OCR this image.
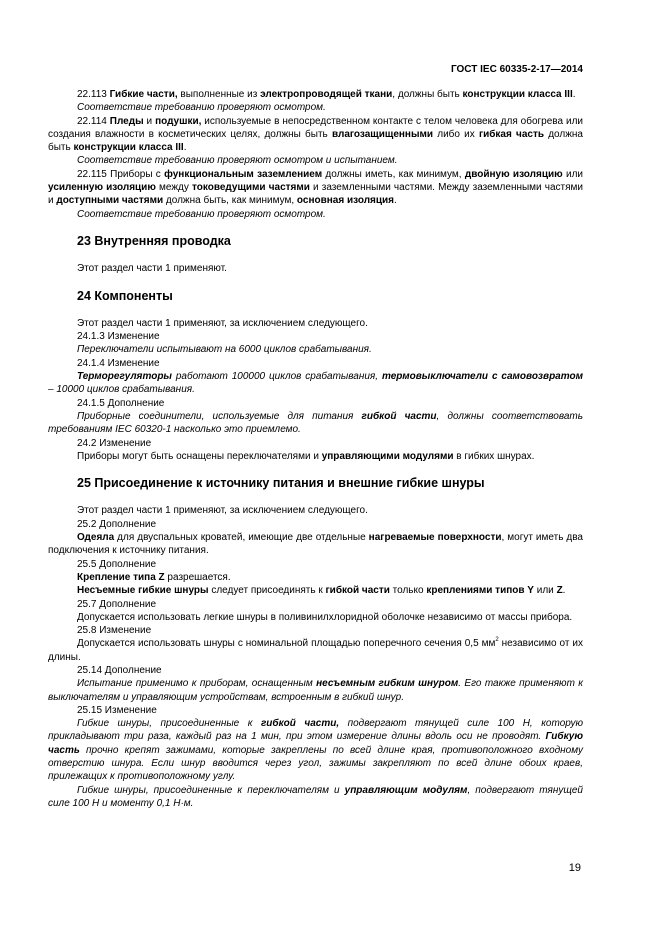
ГОСТ IEC 60335-2-17—2014

22.113 Гибкие части, выполненные из электропроводящей ткани, должны быть конструкции класса III.

Соответствие требованию проверяют осмотром.

22.114 Пледы и подушки, используемые в непосредственном контакте с телом человека для обогрева или создания влажности в косметических целях, должны быть влагозащищенными либо их гибкая часть должна быть конструкции класса III.

Соответствие требованию проверяют осмотром и испытанием.

22.115 Приборы с функциональным заземлением должны иметь, как минимум, двойную изоляцию или усиленную изоляцию между токоведущими частями и заземленными частями. Между заземленными частями и доступными частями должна быть, как минимум, основная изоляция.

Соответствие требованию проверяют осмотром.

23 Внутренняя проводка

Этот раздел части 1 применяют.

24 Компоненты

Этот раздел части 1 применяют, за исключением следующего.

24.1.3 Изменение

Переключатели испытывают на 6000 циклов срабатывания.

24.1.4 Изменение

Терморегуляторы работают 100000 циклов срабатывания, термовыключатели с самовозвратом – 10000 циклов срабатывания.

24.1.5 Дополнение

Приборные соединители, используемые для питания гибкой части, должны соответствовать требованиям IEC 60320-1 насколько это приемлемо.

24.2 Изменение

Приборы могут быть оснащены переключателями и управляющими модулями в гибких шнурах.

25 Присоединение к источнику питания и внешние гибкие шнуры

Этот раздел части 1 применяют, за исключением следующего.

25.2 Дополнение

Одеяла для двуспальных кроватей, имеющие две отдельные нагреваемые поверхности, могут иметь два подключения к источнику питания.

25.5 Дополнение

Крепление типа Z разрешается.

Несъемные гибкие шнуры следует присоединять к гибкой части только креплениями типов Y или Z.

25.7 Дополнение

Допускается использовать легкие шнуры в поливинилхлоридной оболочке независимо от массы прибора.

25.8 Изменение

Допускается использовать шнуры с номинальной площадью поперечного сечения 0,5 $мм^2$ независимо от их длины.

25.14 Дополнение

Испытание применимо к приборам, оснащенным несъемным гибким шнуром. Его также применяют к выключателям и управляющим устройствам, встроенным в гибкий шнур.

25.15 Изменение

Гибкие шнуры, присоединенные к гибкой части, подвергают тянущей силе 100 Н, которую прикладывают три раза, каждый раз на 1 мин, при этом измерение длины вдоль оси не проводят. Гибкую часть прочно крепят зажимами, которые закреплены по всей длине края, противоположного входному отверстию шнура. Если шнур вводится через угол, зажимы закрепляют по всей длине обоих краев, прилежащих к противоположному углу.

Гибкие шнуры, присоединенные к переключателям и управляющим модулям, подвергают тянущей силе 100 Н и моменту 0,1 Н·м.

19
